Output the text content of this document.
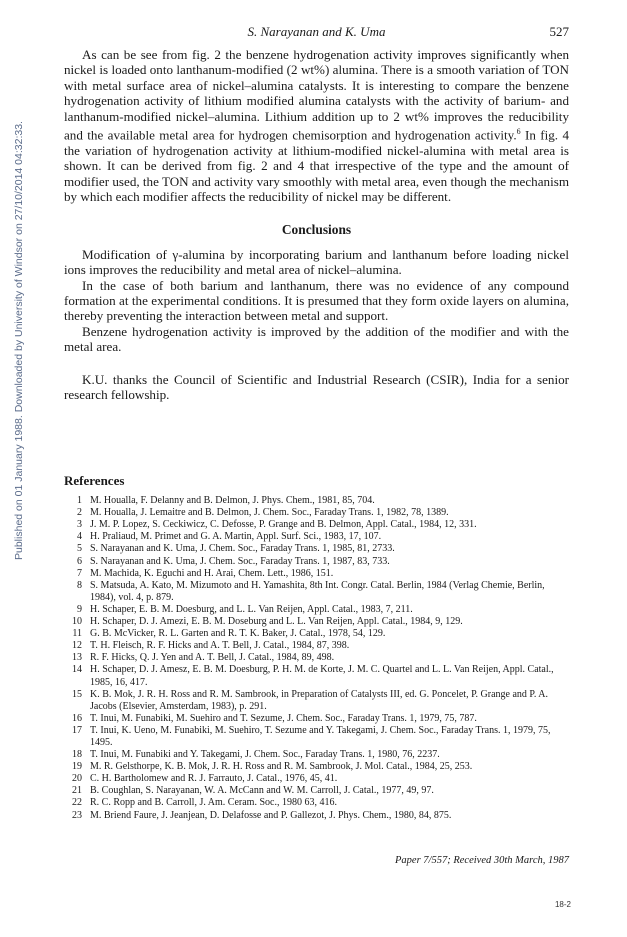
Published on 01 January 1988. Downloaded by University of Windsor on 27/10/2014 04:32:33.
S. Narayanan and K. Uma	527

As can be see from fig. 2 the benzene hydrogenation activity improves significantly when nickel is loaded onto lanthanum-modified (2 wt%) alumina. There is a smooth variation of TON with metal surface area of nickel–alumina catalysts. It is interesting to compare the benzene hydrogenation activity of lithium modified alumina catalysts with the activity of barium- and lanthanum-modified nickel–alumina. Lithium addition up to 2 wt% improves the reducibility and the available metal area for hydrogen chemisorption and hydrogenation activity.$^6$ In fig. 4 the variation of hydrogenation activity at lithium-modified nickel-alumina with metal area is shown. It can be derived from fig. 2 and 4 that irrespective of the type and the amount of modifier used, the TON and activity vary smoothly with metal area, even though the mechanism by which each modifier affects the reducibility of nickel may be different.

Conclusions

Modification of γ-alumina by incorporating barium and lanthanum before loading nickel ions improves the reducibility and metal area of nickel–alumina.

In the case of both barium and lanthanum, there was no evidence of any compound formation at the experimental conditions. It is presumed that they form oxide layers on alumina, thereby preventing the interaction between metal and support.

Benzene hydrogenation activity is improved by the addition of the modifier and with the metal area.

K.U. thanks the Council of Scientific and Industrial Research (CSIR), India for a senior research fellowship.

References

1 M. Houalla, F. Delanny and B. Delmon, J. Phys. Chem., 1981, 85, 704.
2 M. Houalla, J. Lemaitre and B. Delmon, J. Chem. Soc., Faraday Trans. 1, 1982, 78, 1389.
3 J. M. P. Lopez, S. Ceckiwicz, C. Defosse, P. Grange and B. Delmon, Appl. Catal., 1984, 12, 331.
4 H. Praliaud, M. Primet and G. A. Martin, Appl. Surf. Sci., 1983, 17, 107.
5 S. Narayanan and K. Uma, J. Chem. Soc., Faraday Trans. 1, 1985, 81, 2733.
6 S. Narayanan and K. Uma, J. Chem. Soc., Faraday Trans. 1, 1987, 83, 733.
7 M. Machida, K. Eguchi and H. Arai, Chem. Lett., 1986, 151.
8 S. Matsuda, A. Kato, M. Mizumoto and H. Yamashita, 8th Int. Congr. Catal. Berlin, 1984 (Verlag Chemie, Berlin, 1984), vol. 4, p. 879.
9 H. Schaper, E. B. M. Doesburg, and L. L. Van Reijen, Appl. Catal., 1983, 7, 211.
10 H. Schaper, D. J. Amezi, E. B. M. Doseburg and L. L. Van Reijen, Appl. Catal., 1984, 9, 129.
11 G. B. McVicker, R. L. Garten and R. T. K. Baker, J. Catal., 1978, 54, 129.
12 T. H. Fleisch, R. F. Hicks and A. T. Bell, J. Catal., 1984, 87, 398.
13 R. F. Hicks, Q. J. Yen and A. T. Bell, J. Catal., 1984, 89, 498.
14 H. Schaper, D. J. Amesz, E. B. M. Doesburg, P. H. M. de Korte, J. M. C. Quartel and L. L. Van Reijen, Appl. Catal., 1985, 16, 417.
15 K. B. Mok, J. R. H. Ross and R. M. Sambrook, in Preparation of Catalysts III, ed. G. Poncelet, P. Grange and P. A. Jacobs (Elsevier, Amsterdam, 1983), p. 291.
16 T. Inui, M. Funabiki, M. Suehiro and T. Sezume, J. Chem. Soc., Faraday Trans. 1, 1979, 75, 787.
17 T. Inui, K. Ueno, M. Funabiki, M. Suehiro, T. Sezume and Y. Takegami, J. Chem. Soc., Faraday Trans. 1, 1979, 75, 1495.
18 T. Inui, M. Funabiki and Y. Takegami, J. Chem. Soc., Faraday Trans. 1, 1980, 76, 2237.
19 M. R. Gelsthorpe, K. B. Mok, J. R. H. Ross and R. M. Sambrook, J. Mol. Catal., 1984, 25, 253.
20 C. H. Bartholomew and R. J. Farrauto, J. Catal., 1976, 45, 41.
21 B. Coughlan, S. Narayanan, W. A. McCann and W. M. Carroll, J. Catal., 1977, 49, 97.
22 R. C. Ropp and B. Carroll, J. Am. Ceram. Soc., 1980 63, 416.
23 M. Briend Faure, J. Jeanjean, D. Delafosse and P. Gallezot, J. Phys. Chem., 1980, 84, 875.
Paper 7/557; Received 30th March, 1987
18-2
